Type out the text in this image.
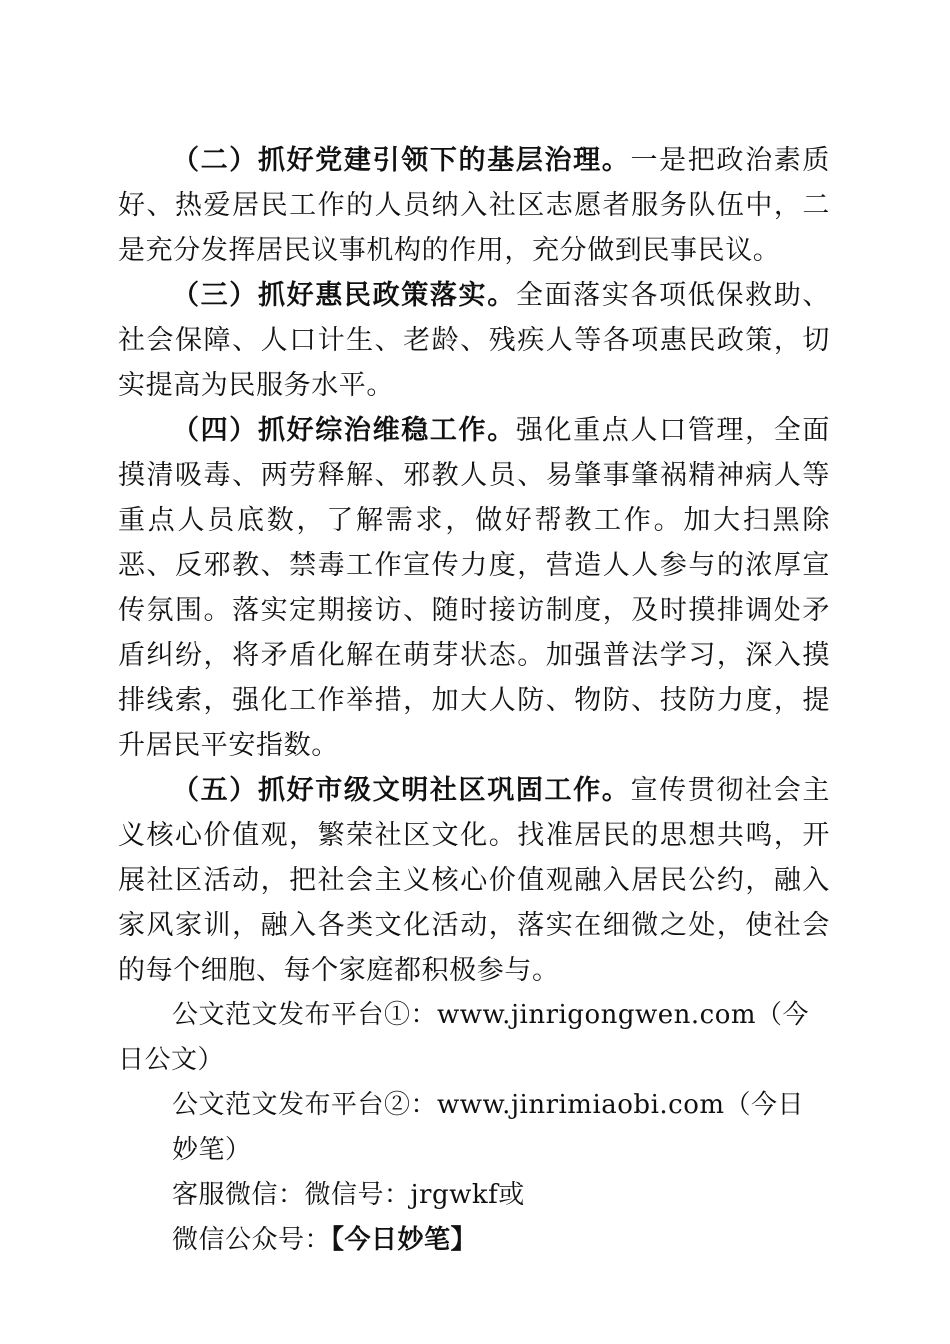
（二）抓好党建引领下的基层治理。一是把政治素质好、热爱居民工作的人员纳入社区志愿者服务队伍中，二是充分发挥居民议事机构的作用，充分做到民事民议。

（三）抓好惠民政策落实。全面落实各项低保救助、社会保障、人口计生、老龄、残疾人等各项惠民政策，切实提高为民服务水平。

（四）抓好综治维稳工作。强化重点人口管理，全面摸清吸毒、两劳释解、邪教人员、易肇事肇祸精神病人等重点人员底数，了解需求，做好帮教工作。加大扫黑除恶、反邪教、禁毒工作宣传力度，营造人人参与的浓厚宣传氛围。落实定期接访、随时接访制度，及时摸排调处矛盾纠纷，将矛盾化解在萌芽状态。加强普法学习，深入摸排线索，强化工作举措，加大人防、物防、技防力度，提升居民平安指数。

（五）抓好市级文明社区巩固工作。宣传贯彻社会主义核心价值观，繁荣社区文化。找准居民的思想共鸣，开展社区活动，把社会主义核心价值观融入居民公约，融入家风家训，融入各类文化活动，落实在细微之处，使社会的每个细胞、每个家庭都积极参与。

公文范文发布平台①：www.jinrigongwen.com（今日公文）

公文范文发布平台②：www.jinrimiaobi.com（今日妙笔）

客服微信：微信号：jrgwkf或

微信公众号：【今日妙笔】
